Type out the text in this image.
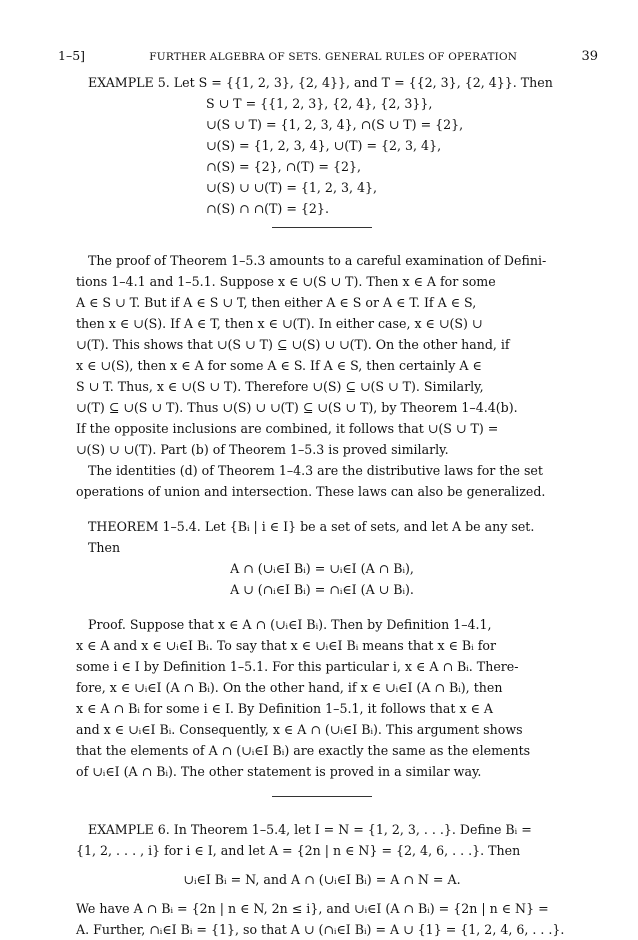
1–5]	FURTHER ALGEBRA OF SETS. GENERAL RULES OF OPERATION	39
EXAMPLE 5. Let S = {{1, 2, 3}, {2, 4}}, and T = {{2, 3}, {2, 4}}. Then
S ∪ T = {{1, 2, 3}, {2, 4}, {2, 3}},
∪(S ∪ T) = {1, 2, 3, 4}, ∩(S ∪ T) = {2},
∪(S) = {1, 2, 3, 4}, ∪(T) = {2, 3, 4},
∩(S) = {2}, ∩(T) = {2},
∪(S) ∪ ∪(T) = {1, 2, 3, 4},
∩(S) ∩ ∩(T) = {2}.
The proof of Theorem 1–5.3 amounts to a careful examination of Defini-
tions 1–4.1 and 1–5.1. Suppose x ∈ ∪(S ∪ T). Then x ∈ A for some
A ∈ S ∪ T. But if A ∈ S ∪ T, then either A ∈ S or A ∈ T. If A ∈ S,
then x ∈ ∪(S). If A ∈ T, then x ∈ ∪(T). In either case, x ∈ ∪(S) ∪
∪(T). This shows that ∪(S ∪ T) ⊆ ∪(S) ∪ ∪(T). On the other hand, if
x ∈ ∪(S), then x ∈ A for some A ∈ S. If A ∈ S, then certainly A ∈
S ∪ T. Thus, x ∈ ∪(S ∪ T). Therefore ∪(S) ⊆ ∪(S ∪ T). Similarly,
∪(T) ⊆ ∪(S ∪ T). Thus ∪(S) ∪ ∪(T) ⊆ ∪(S ∪ T), by Theorem 1–4.4(b).
If the opposite inclusions are combined, it follows that ∪(S ∪ T) =
∪(S) ∪ ∪(T). Part (b) of Theorem 1–5.3 is proved similarly.
The identities (d) of Theorem 1–4.3 are the distributive laws for the set
operations of union and intersection. These laws can also be generalized.
THEOREM 1–5.4. Let {Bᵢ | i ∈ I} be a set of sets, and let A be any set.
Then
A ∩ (∪ᵢ∈I Bᵢ) = ∪ᵢ∈I (A ∩ Bᵢ),
A ∪ (∩ᵢ∈I Bᵢ) = ∩ᵢ∈I (A ∪ Bᵢ).
Proof. Suppose that x ∈ A ∩ (∪ᵢ∈I Bᵢ). Then by Definition 1–4.1,
x ∈ A and x ∈ ∪ᵢ∈I Bᵢ. To say that x ∈ ∪ᵢ∈I Bᵢ means that x ∈ Bᵢ for
some i ∈ I by Definition 1–5.1. For this particular i, x ∈ A ∩ Bᵢ. There-
fore, x ∈ ∪ᵢ∈I (A ∩ Bᵢ). On the other hand, if x ∈ ∪ᵢ∈I (A ∩ Bᵢ), then
x ∈ A ∩ Bᵢ for some i ∈ I. By Definition 1–5.1, it follows that x ∈ A
and x ∈ ∪ᵢ∈I Bᵢ. Consequently, x ∈ A ∩ (∪ᵢ∈I Bᵢ). This argument shows
that the elements of A ∩ (∪ᵢ∈I Bᵢ) are exactly the same as the elements
of ∪ᵢ∈I (A ∩ Bᵢ). The other statement is proved in a similar way.
EXAMPLE 6. In Theorem 1–5.4, let I = N = {1, 2, 3, . . .}. Define Bᵢ =
{1, 2, . . . , i} for i ∈ I, and let A = {2n | n ∈ N} = {2, 4, 6, . . .}. Then
∪ᵢ∈I Bᵢ = N, and A ∩ (∪ᵢ∈I Bᵢ) = A ∩ N = A.
We have A ∩ Bᵢ = {2n | n ∈ N, 2n ≤ i}, and ∪ᵢ∈I (A ∩ Bᵢ) = {2n | n ∈ N} =
A. Further, ∩ᵢ∈I Bᵢ = {1}, so that A ∪ (∩ᵢ∈I Bᵢ) = A ∪ {1} = {1, 2, 4, 6, . . .}.
